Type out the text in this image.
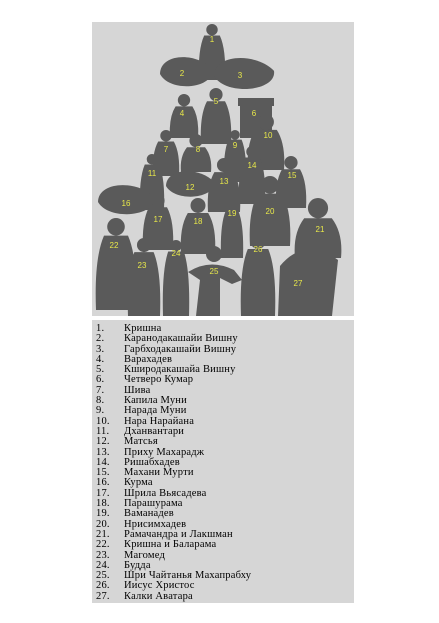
1
2	3
4
5
6
7	8	9
10
11
12
13
14
15
16
17	18
19	20
21
22
23
24
25
26
27
1.	Кришна
2.	Каранодакашайи Вишну
3.	Гарбходакашайи Вишну
4.	Варахадев
5.	Кширодакашайа Вишну
6.	Четверо Кумар
7.	Шива
8.	Капила Муни
9.	Нарада Муни
10.	Нара Нарайана
11.	Дханвантари
12.	Матсья
13.	Приху Махарадж
14.	Ришабхадев
15.	Махани Мурти
16.	Курма
17.	Шрила Вьясадева
18.	Парашурама
19.	Ваманадев
20.	Нрисимхадев
21.	Рамачандра и Лакшман
22.	Кришна и Баларама
23.	Магомед
24.	Будда
25.	Шри Чайтанья Махапрабху
26.	Иисус Христос
27.	Калки Аватара
